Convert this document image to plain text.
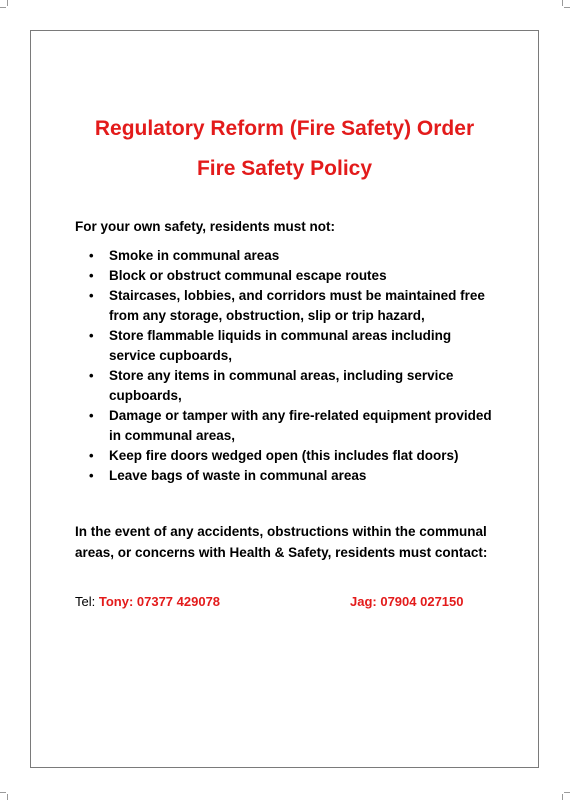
Regulatory Reform (Fire Safety) Order
Fire Safety Policy
For your own safety, residents must not:
• Smoke in communal areas
• Block or obstruct communal escape routes
• Staircases, lobbies, and corridors must be maintained free from any storage, obstruction, slip or trip hazard,
• Store flammable liquids in communal areas including service cupboards,
• Store any items in communal areas, including service cupboards,
• Damage or tamper with any fire-related equipment provided in communal areas,
• Keep fire doors wedged open (this includes flat doors)
• Leave bags of waste in communal areas
In the event of any accidents, obstructions within the communal areas, or concerns with Health & Safety, residents must contact:
Tel: Tony: 07377 429078	Jag: 07904 027150
